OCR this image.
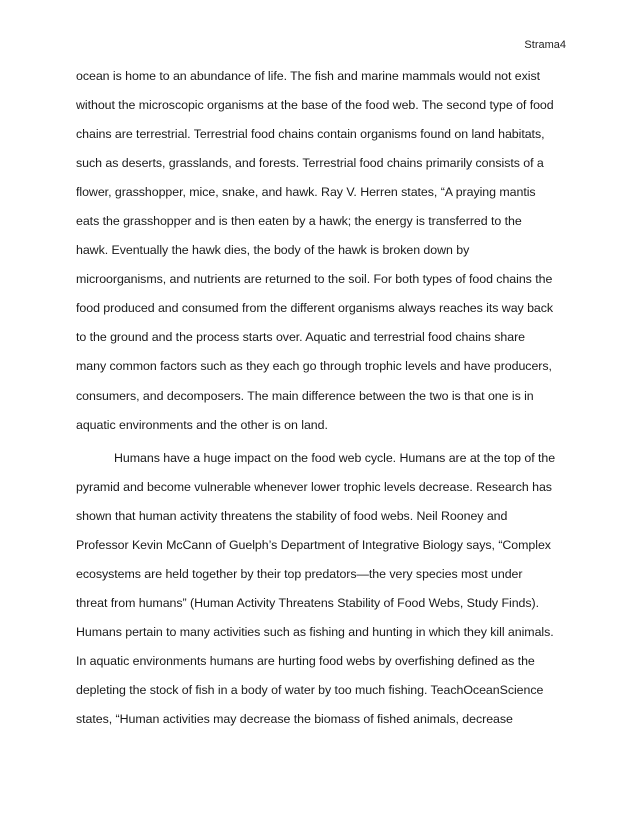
Strama4
ocean is home to an abundance of life. The fish and marine mammals would not exist
without the microscopic organisms at the base of the food web. The second type of food
chains are terrestrial. Terrestrial food chains contain organisms found on land habitats,
such as deserts, grasslands, and forests. Terrestrial food chains primarily consists of a
flower, grasshopper, mice, snake, and hawk. Ray V. Herren states, “A praying mantis
eats the grasshopper and is then eaten by a hawk; the energy is transferred to the
hawk. Eventually the hawk dies, the body of the hawk is broken down by
microorganisms, and nutrients are returned to the soil. For both types of food chains the
food produced and consumed from the different organisms always reaches its way back
to the ground and the process starts over. Aquatic and terrestrial food chains share
many common factors such as they each go through trophic levels and have producers,
consumers, and decomposers. The main difference between the two is that one is in
aquatic environments and the other is on land.
Humans have a huge impact on the food web cycle. Humans are at the top of the
pyramid and become vulnerable whenever lower trophic levels decrease. Research has
shown that human activity threatens the stability of food webs. Neil Rooney and
Professor Kevin McCann of Guelph’s Department of Integrative Biology says, “Complex
ecosystems are held together by their top predators—the very species most under
threat from humans” (Human Activity Threatens Stability of Food Webs, Study Finds).
Humans pertain to many activities such as fishing and hunting in which they kill animals.
In aquatic environments humans are hurting food webs by overfishing defined as the
depleting the stock of fish in a body of water by too much fishing. TeachOceanScience
states, “Human activities may decrease the biomass of fished animals, decrease
